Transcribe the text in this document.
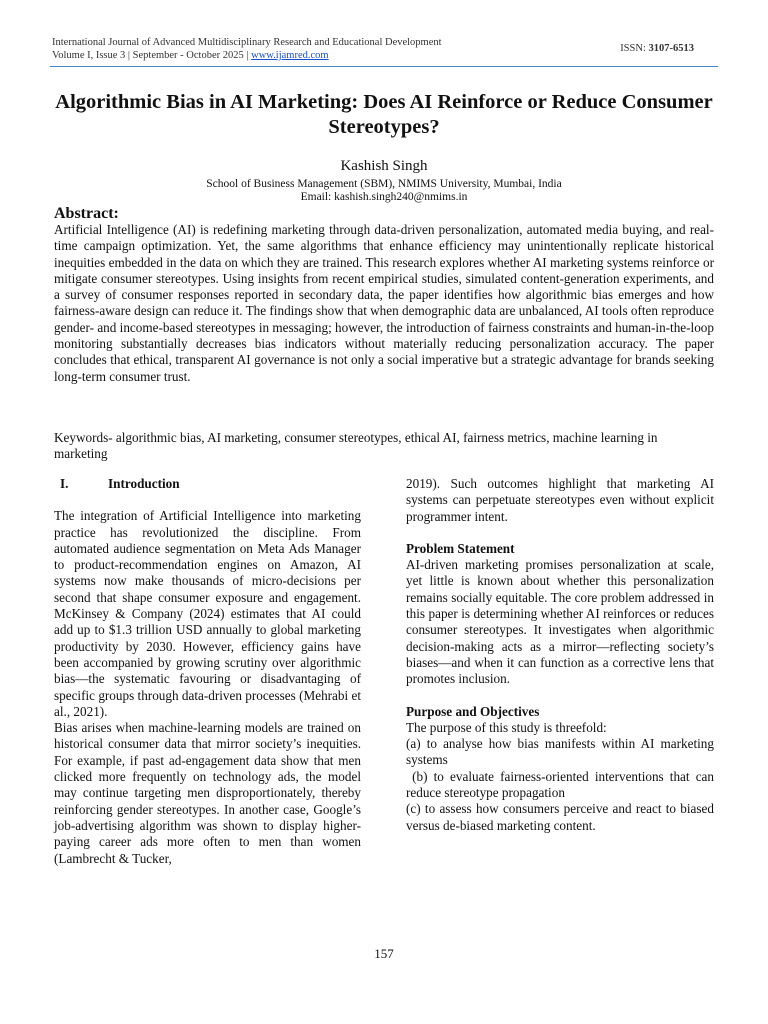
International Journal of Advanced Multidisciplinary Research and Educational Development
Volume I, Issue 3 | September - October 2025 | www.ijamred.com
ISSN: 3107-6513
Algorithmic Bias in AI Marketing: Does AI Reinforce or Reduce Consumer Stereotypes?
Kashish Singh
School of Business Management (SBM), NMIMS University, Mumbai, India
Email: kashish.singh240@nmims.in
Abstract:

Artificial Intelligence (AI) is redefining marketing through data-driven personalization, automated media buying, and real-time campaign optimization. Yet, the same algorithms that enhance efficiency may unintentionally replicate historical inequities embedded in the data on which they are trained. This research explores whether AI marketing systems reinforce or mitigate consumer stereotypes. Using insights from recent empirical studies, simulated content-generation experiments, and a survey of consumer responses reported in secondary data, the paper identifies how algorithmic bias emerges and how fairness-aware design can reduce it. The findings show that when demographic data are unbalanced, AI tools often reproduce gender- and income-based stereotypes in messaging; however, the introduction of fairness constraints and human-in-the-loop monitoring substantially decreases bias indicators without materially reducing personalization accuracy. The paper concludes that ethical, transparent AI governance is not only a social imperative but a strategic advantage for brands seeking long-term consumer trust.

Keywords- algorithmic bias, AI marketing, consumer stereotypes, ethical AI, fairness metrics, machine learning in marketing

I.	Introduction

The integration of Artificial Intelligence into marketing practice has revolutionized the discipline. From automated audience segmentation on Meta Ads Manager to product-recommendation engines on Amazon, AI systems now make thousands of micro-decisions per second that shape consumer exposure and engagement. McKinsey & Company (2024) estimates that AI could add up to $1.3 trillion USD annually to global marketing productivity by 2030. However, efficiency gains have been accompanied by growing scrutiny over algorithmic bias—the systematic favouring or disadvantaging of specific groups through data-driven processes (Mehrabi et al., 2021).

Bias arises when machine-learning models are trained on historical consumer data that mirror society’s inequities. For example, if past ad-engagement data show that men clicked more frequently on technology ads, the model may continue targeting men disproportionately, thereby reinforcing gender stereotypes. In another case, Google’s job-advertising algorithm was shown to display higher-paying career ads more often to men than women (Lambrecht & Tucker,

2019). Such outcomes highlight that marketing AI systems can perpetuate stereotypes even without explicit programmer intent.

Problem Statement

AI-driven marketing promises personalization at scale, yet little is known about whether this personalization remains socially equitable. The core problem addressed in this paper is determining whether AI reinforces or reduces consumer stereotypes. It investigates when algorithmic decision-making acts as a mirror—reflecting society’s biases—and when it can function as a corrective lens that promotes inclusion.

Purpose and Objectives

The purpose of this study is threefold:

(a) to analyse how bias manifests within AI marketing systems

(b) to evaluate fairness-oriented interventions that can reduce stereotype propagation

(c) to assess how consumers perceive and react to biased versus de-biased marketing content.

157
